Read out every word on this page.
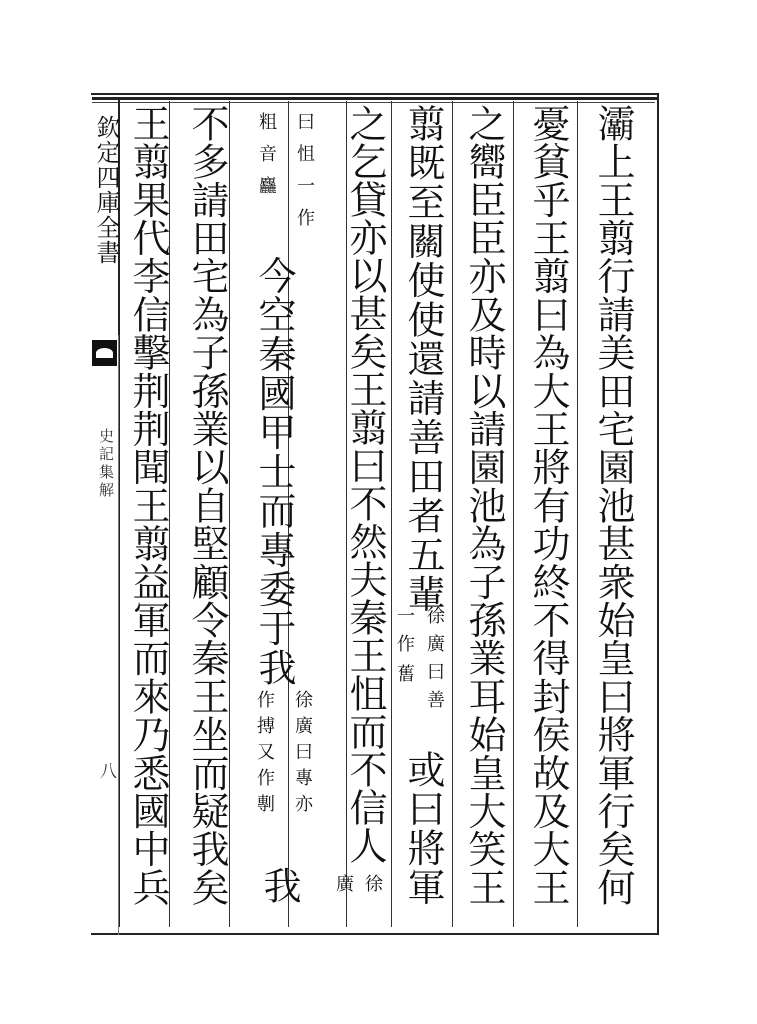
欽定四庫全書
史記集解
八	灞上王翦行請美田宅園池甚衆始皇曰將軍行矣何
憂貧乎王翦曰為大王將有功終不得封侯故及大王
之嚮臣臣亦及時以請園池為子孫業耳始皇大笑王
翦既至關使使還請善田者五輩
徐廣曰善
一作
𦾔
或曰將軍
之乞貸亦以甚矣王翦曰不然夫秦王怚而不信人
徐
廣
曰怚一作
粗音麤
今空秦國甲士而專委于我
徐廣曰專亦
作搏又作剸
我
不多請田宅為子孫業以自堅顧令秦王坐而疑我矣
王翦果代李信擊荆荆聞王翦益軍而來乃悉國中兵
